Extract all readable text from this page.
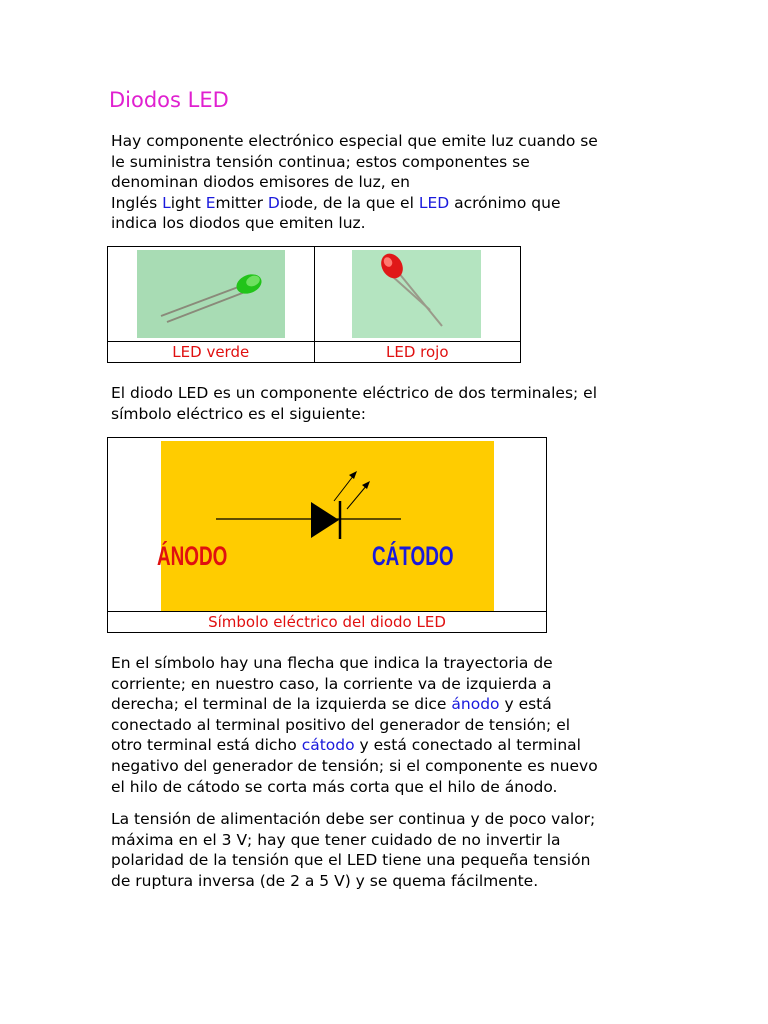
Diodos LED
Hay componente electrónico especial que emite luz cuando se
le suministra tensión continua; estos componentes se
denominan diodos emisores de luz, en
Inglés Light Emitter Diode, de la que el LED acrónimo que
indica los diodos que emiten luz.

LED verde	LED rojo
El diodo LED es un componente eléctrico de dos terminales; el
símbolo eléctrico es el siguiente:

Símbolo eléctrico del diodo LED
ÁNODO	CÁTODO
En el símbolo hay una flecha que indica la trayectoria de
corriente; en nuestro caso, la corriente va de izquierda a
derecha; el terminal de la izquierda se dice ánodo y está
conectado al terminal positivo del generador de tensión; el
otro terminal está dicho cátodo y está conectado al terminal
negativo del generador de tensión; si el componente es nuevo
el hilo de cátodo se corta más corta que el hilo de ánodo.
La tensión de alimentación debe ser continua y de poco valor;
máxima en el 3 V; hay que tener cuidado de no invertir la
polaridad de la tensión que el LED tiene una pequeña tensión
de ruptura inversa (de 2 a 5 V) y se quema fácilmente.
